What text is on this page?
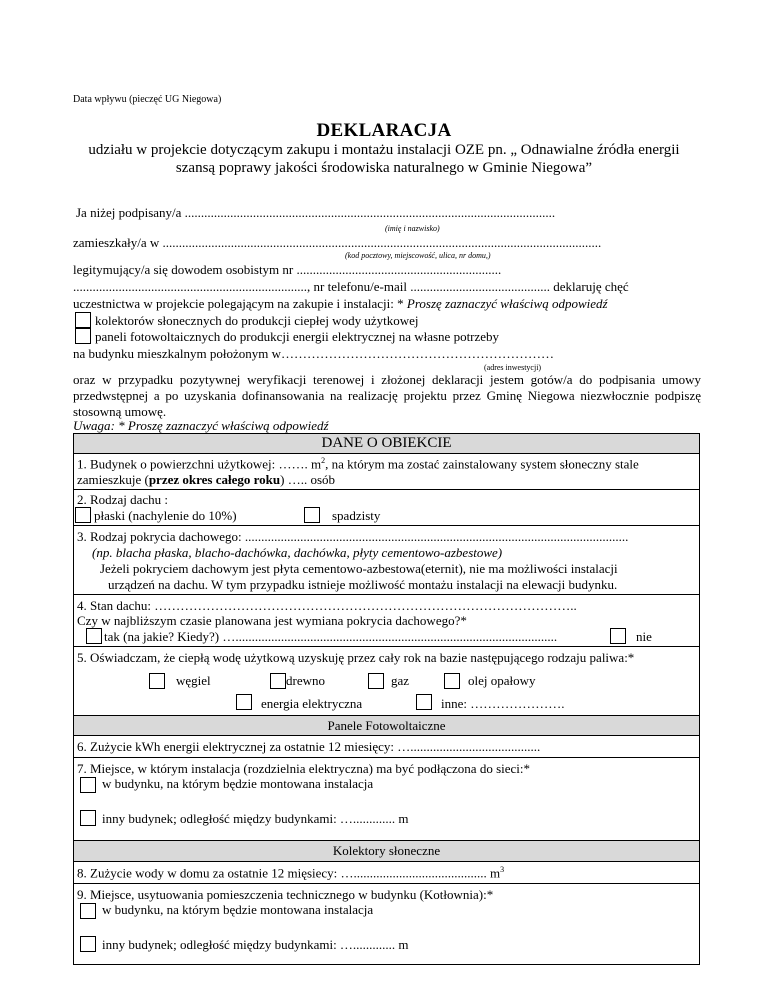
Data wpływu (pieczęć UG Niegowa)
DEKLARACJA
udziału w projekcie dotyczącym zakupu i montażu instalacji OZE pn. „ Odnawialne źródła energii szansą poprawy jakości środowiska naturalnego w Gminie Niegowa”
Ja niżej podpisany/a ..................................................................................................................
(imię i nazwisko)
zamieszkały/a w .......................................................................................................................................
(kod pocztowy, miejscowość, ulica, nr domu,)
legitymujący/a się dowodem osobistym nr ...............................................................
........................................................................, nr telefonu/e-mail ........................................... deklaruję chęć
uczestnictwa w projekcie polegającym na zakupie i instalacji: * Proszę zaznaczyć właściwą odpowiedź
kolektorów słonecznych do produkcji ciepłej wody użytkowej
paneli fotowoltaicznych do produkcji energii elektrycznej na własne potrzeby
na budynku mieszkalnym położonym w………………………………………………………
(adres inwestycji)
oraz w przypadku pozytywnej weryfikacji terenowej i złożonej deklaracji jestem gotów/a do podpisania umowy przedwstępnej a po uzyskania dofinansowania na realizację projektu przez Gminę Niegowa niezwłocznie podpiszę stosowną umowę.
Uwaga: * Proszę zaznaczyć właściwą odpowiedź
DANE O OBIEKCIE

1. Budynek o powierzchni użytkowej: ……. $m^2$, na którym ma zostać zainstalowany system słoneczny stale
zamieszkuje (przez okres całego roku) ….. osób

2. Rodzaj dachu :
płaski (nachylenie do 10%)	spadzisty

3. Rodzaj pokrycia dachowego: ......................................................................................................................
(np. blacha płaska, blacho-dachówka, dachówka, płyty cementowo-azbestowe)
Jeżeli pokryciem dachowym jest płyta cementowo-azbestowa(eternit), nie ma możliwości instalacji
urządzeń na dachu. W tym przypadku istnieje możliwość montażu instalacji na elewacji budynku.

4. Stan dachu: ……………………………………………………………………………………..
Czy w najbliższym czasie planowana jest wymiana pokrycia dachowego?*
tak (na jakie? Kiedy?) …...................................................................................................	nie

5. Oświadczam, że ciepłą wodę użytkową uzyskuję przez cały rok na bazie następującego rodzaju paliwa:*
węgiel	drewno	gaz	olej opałowy
energia elektryczna	inne: ………………….

Panele Fotowoltaiczne

6. Zużycie kWh energii elektrycznej za ostatnie 12 miesięcy: …........................................

7. Miejsce, w którym instalacja (rozdzielnia elektryczna) ma być podłączona do sieci:*
w budynku, na którym będzie montowana instalacja
inny budynek; odległość między budynkami: …............. m

Kolektory słoneczne

8. Zużycie wody w domu za ostatnie 12 mięsiecy: …......................................... $m^3$

9. Miejsce, usytuowania pomieszczenia technicznego w budynku (Kotłownia):*
w budynku, na którym będzie montowana instalacja
inny budynek; odległość między budynkami: …............. m
